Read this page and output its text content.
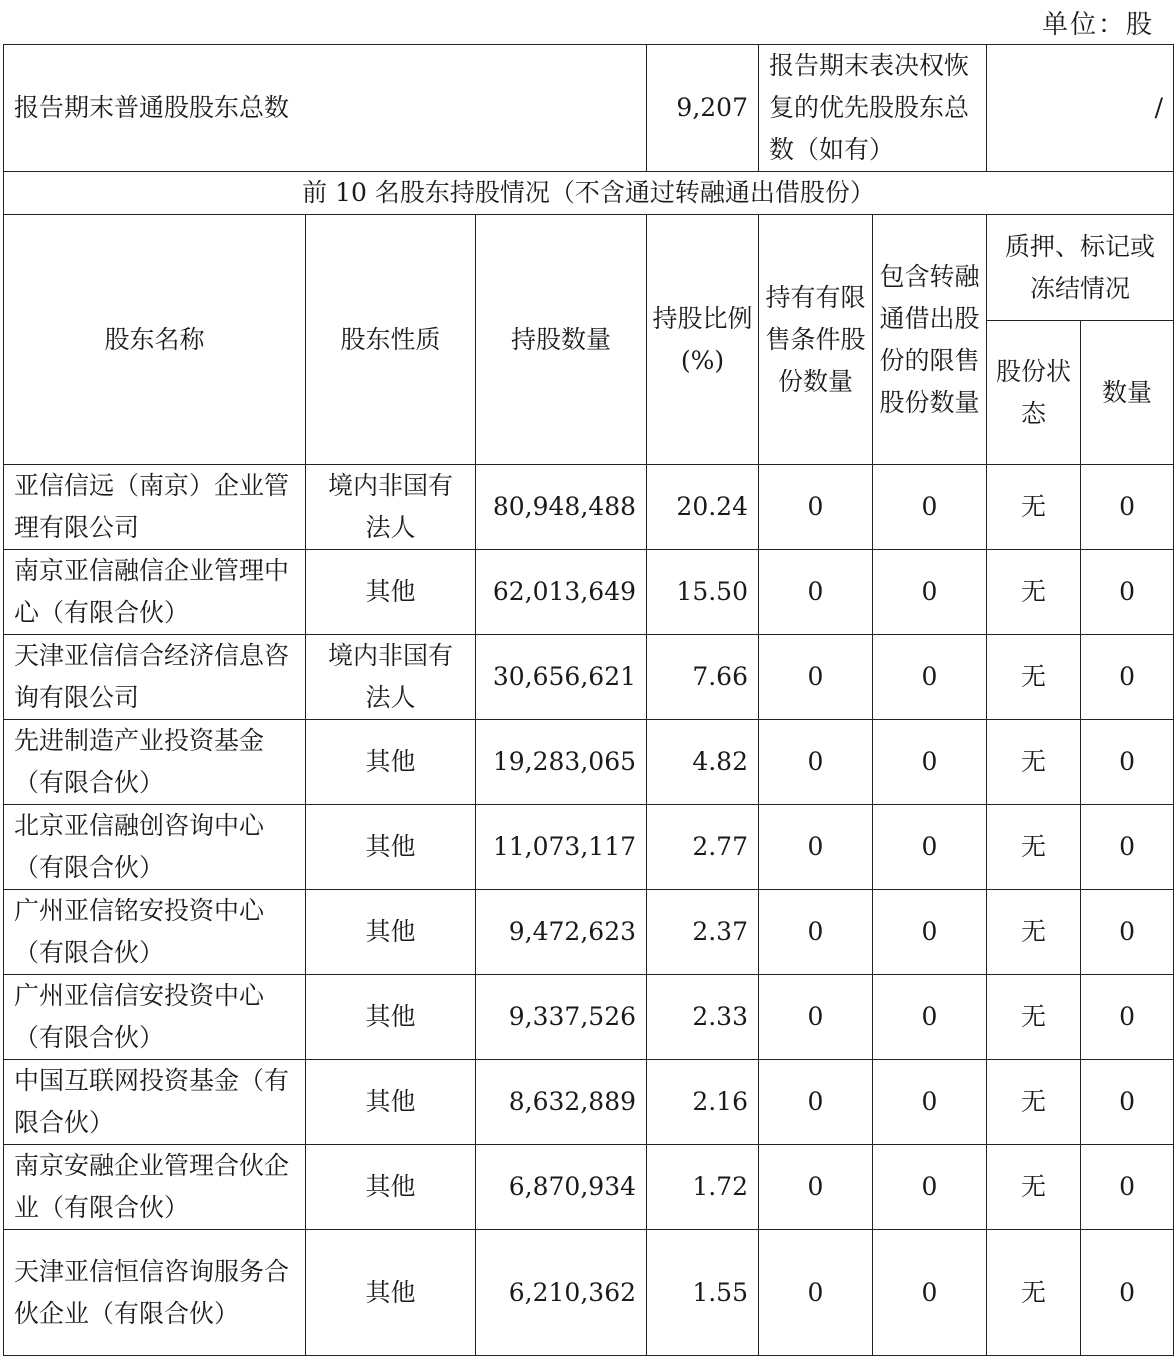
单位：股
报告期末普通股股东总数			9,207	报告期末表决权恢复的优先股股东总数（如有）		/	
前 10 名股东持股情况（不含通过转融通出借股份）							
股东名称	股东性质	持股数量	持股比例(%)	持有有限售条件股份数量	包含转融通借出股份的限售股份数量	质押、标记或冻结情况	
						股份状态	数量
亚信信远（南京）企业管理有限公司	境内非国有法人	80,948,488	20.24	0	0	无	0
南京亚信融信企业管理中心（有限合伙）	其他	62,013,649	15.50	0	0	无	0
天津亚信信合经济信息咨询有限公司	境内非国有法人	30,656,621	7.66	0	0	无	0
先进制造产业投资基金（有限合伙）	其他	19,283,065	4.82	0	0	无	0
北京亚信融创咨询中心（有限合伙）	其他	11,073,117	2.77	0	0	无	0
广州亚信铭安投资中心（有限合伙）	其他	9,472,623	2.37	0	0	无	0
广州亚信信安投资中心（有限合伙）	其他	9,337,526	2.33	0	0	无	0
中国互联网投资基金（有限合伙）	其他	8,632,889	2.16	0	0	无	0
南京安融企业管理合伙企业（有限合伙）	其他	6,870,934	1.72	0	0	无	0
天津亚信恒信咨询服务合伙企业（有限合伙）	其他	6,210,362	1.55	0	0	无	0
